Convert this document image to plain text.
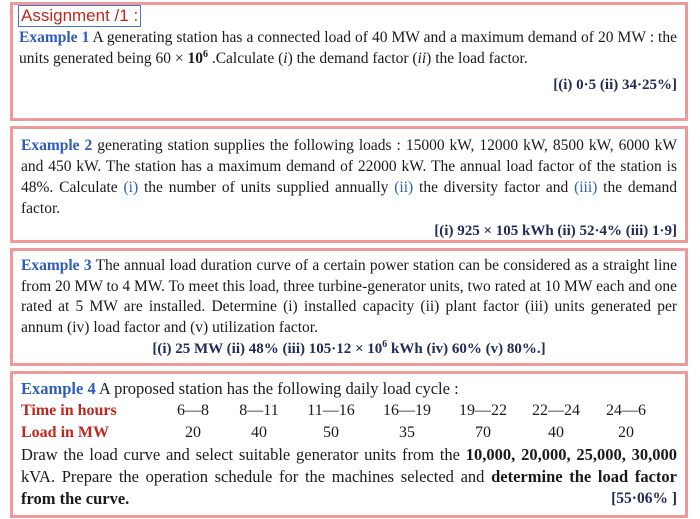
Assignment /1 :

Example 1 A generating station has a connected load of 40 MW and a maximum demand of 20 MW : the units generated being $60 \times 10^6$ .Calculate (i) the demand factor (ii) the load factor.

[(i) 0·5 (ii) 34·25%]

Example 2 generating station supplies the following loads : 15000 kW, 12000 kW, 8500 kW, 6000 kW and 450 kW. The station has a maximum demand of 22000 kW. The annual load factor of the station is 48%. Calculate (i) the number of units supplied annually (ii) the diversity factor and (iii) the demand factor.

[(i) 925 × 105 kWh (ii) 52·4% (iii) 1·9]

Example 3 The annual load duration curve of a certain power station can be considered as a straight line from 20 MW to 4 MW. To meet this load, three turbine-generator units, two rated at 10 MW each and one rated at 5 MW are installed. Determine (i) installed capacity (ii) plant factor (iii) units generated per annum (iv) load factor and (v) utilization factor.

[(i) 25 MW (ii) 48% (iii) $105\cdot 12 \times 10^6$ kWh (iv) 60% (v) 80%.]

Example 4 A proposed station has the following daily load cycle :

Time in hours	6—8	8—11	11—16	16—19	19—22	22—24	24—6
Load in MW	20	40	50	35	70	40	20

Draw the load curve and select suitable generator units from the 10,000, 20,000, 25,000, 30,000 kVA. Prepare the operation schedule for the machines selected and determine the load factor from the curve.	[55·06% ]
